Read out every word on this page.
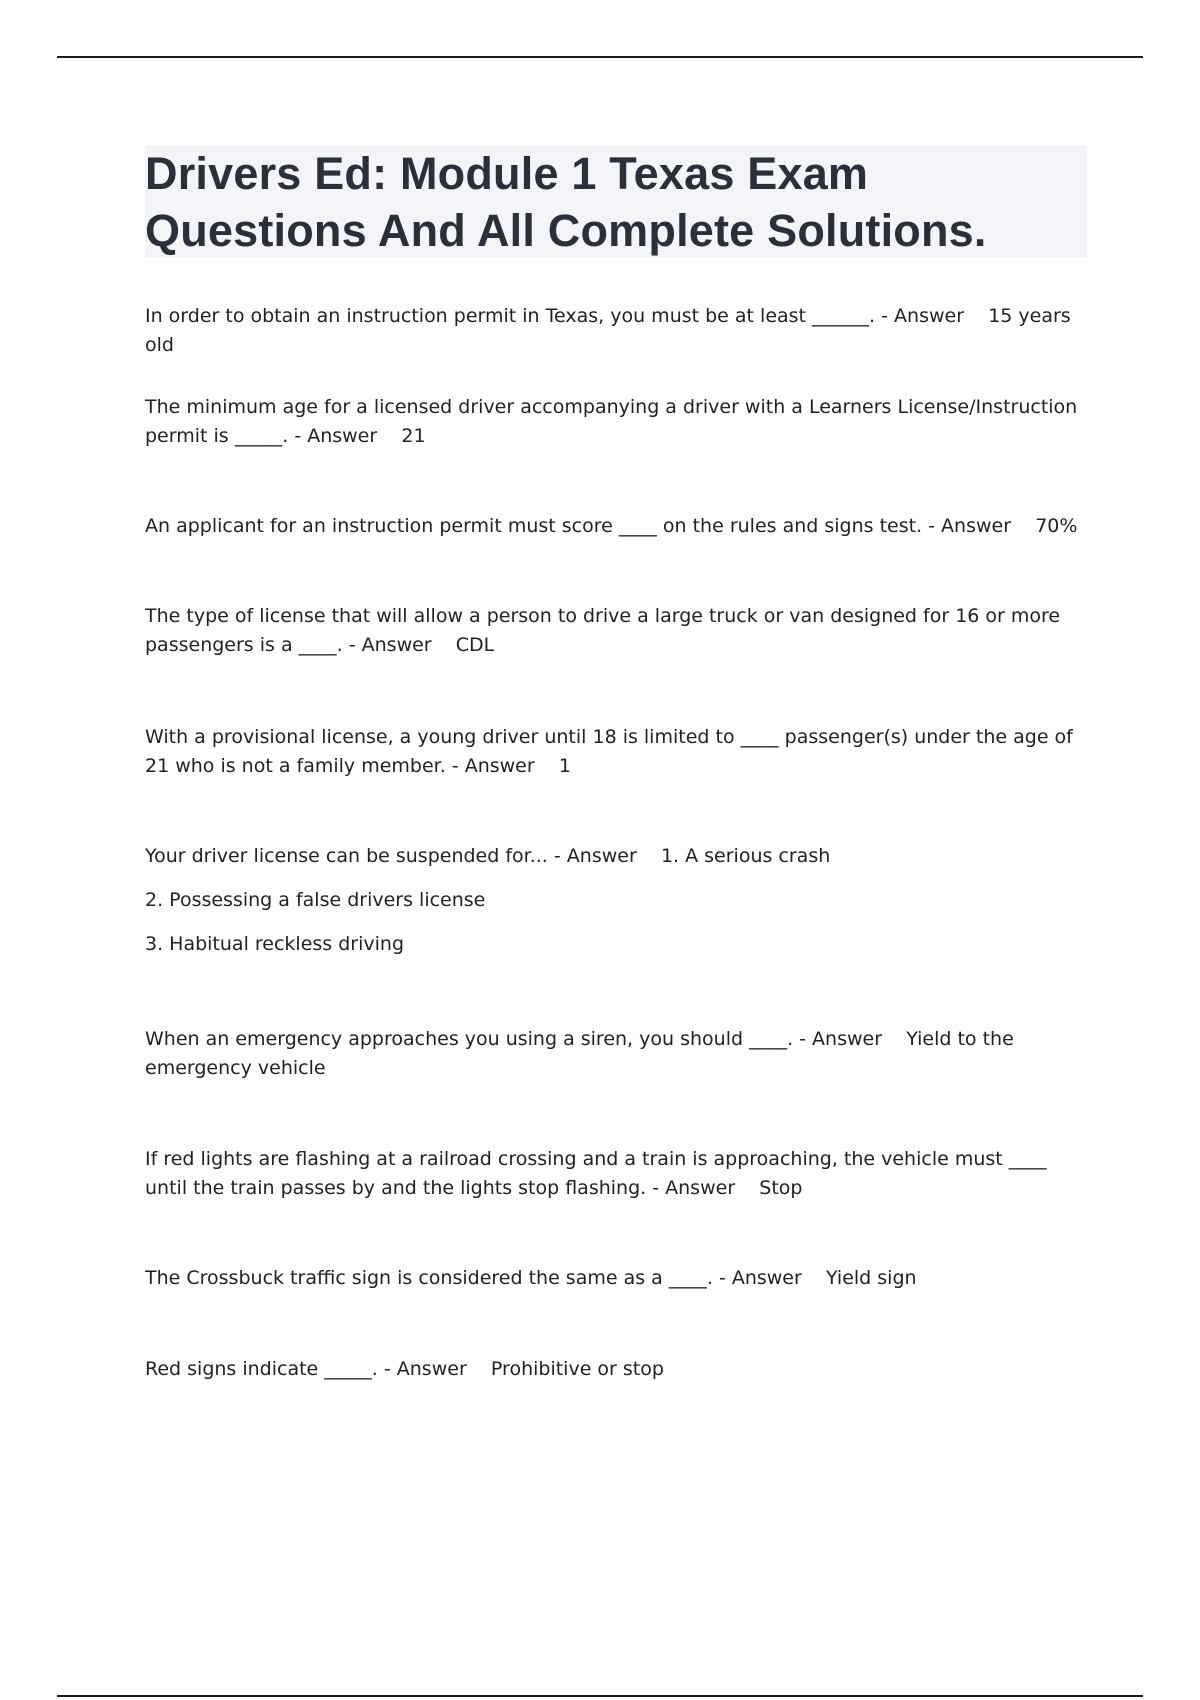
Drivers Ed: Module 1 Texas Exam Questions And All Complete Solutions.

In order to obtain an instruction permit in Texas, you must be at least ______. - Answer 15 years old

The minimum age for a licensed driver accompanying a driver with a Learners License/Instruction permit is _____. - Answer 21

An applicant for an instruction permit must score ____ on the rules and signs test. - Answer 70%

The type of license that will allow a person to drive a large truck or van designed for 16 or more passengers is a ____. - Answer CDL

With a provisional license, a young driver until 18 is limited to ____ passenger(s) under the age of 21 who is not a family member. - Answer 1

Your driver license can be suspended for... - Answer 1. A serious crash

2. Possessing a false drivers license

3. Habitual reckless driving

When an emergency approaches you using a siren, you should ____. - Answer Yield to the emergency vehicle

If red lights are flashing at a railroad crossing and a train is approaching, the vehicle must ____ until the train passes by and the lights stop flashing. - Answer Stop

The Crossbuck traffic sign is considered the same as a ____. - Answer Yield sign

Red signs indicate _____. - Answer Prohibitive or stop
